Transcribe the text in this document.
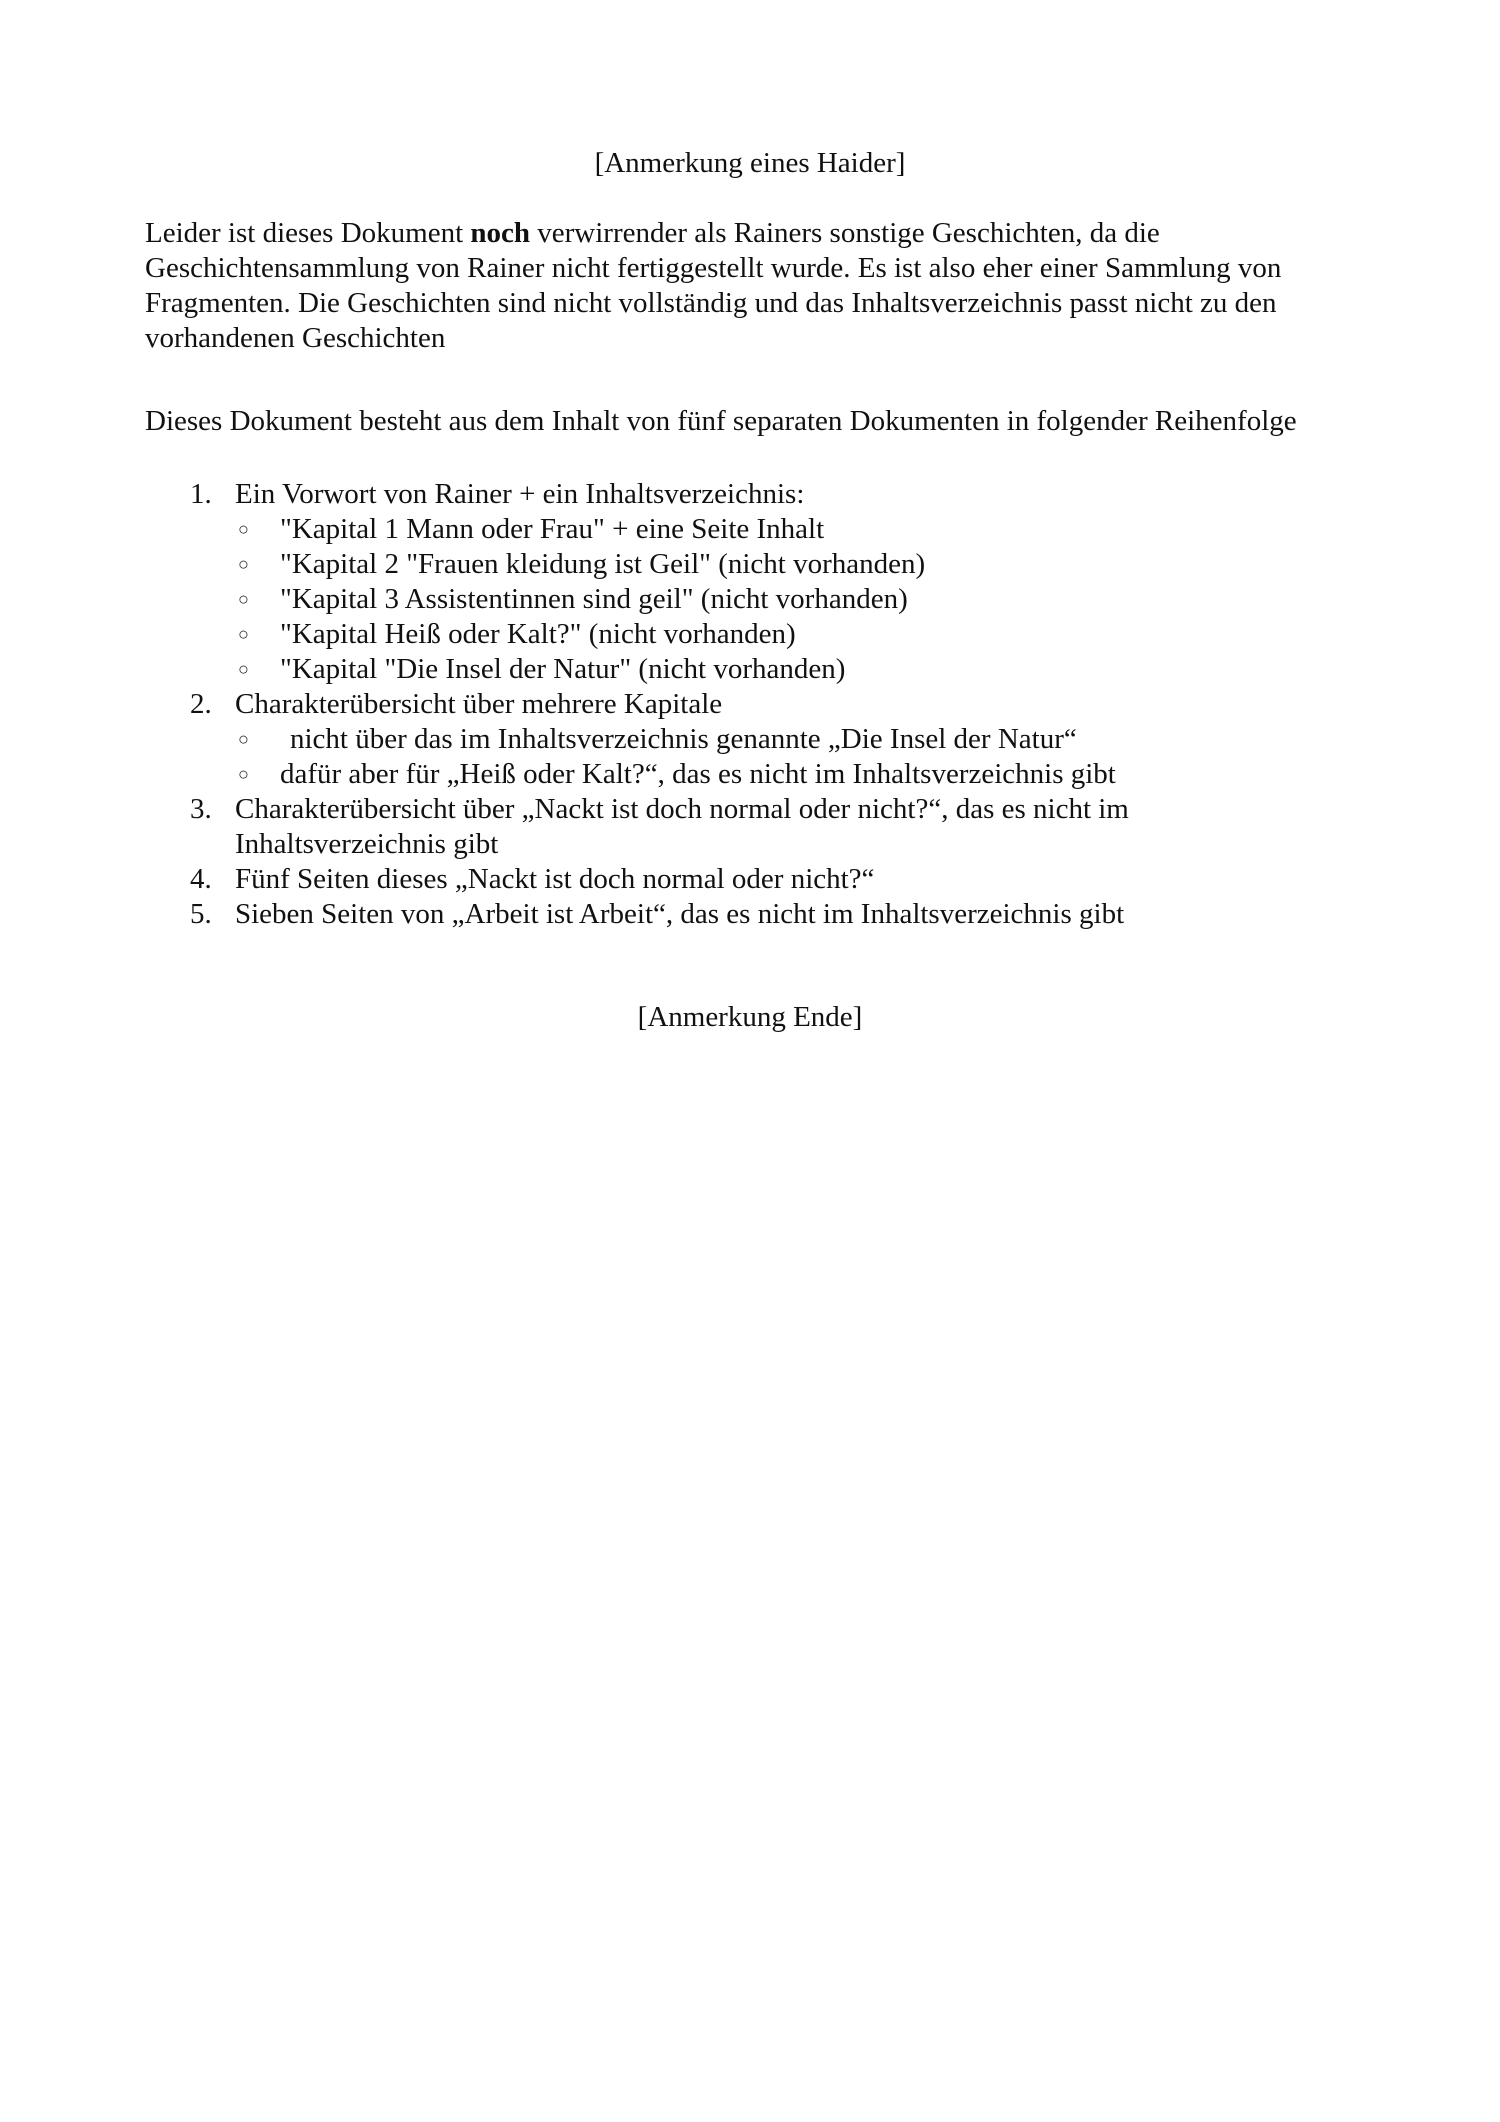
[Anmerkung eines Haider]
Leider ist dieses Dokument noch verwirrender als Rainers sonstige Geschichten, da die Geschichtensammlung von Rainer nicht fertiggestellt wurde. Es ist also eher einer Sammlung von Fragmenten. Die Geschichten sind nicht vollständig und das Inhaltsverzeichnis passt nicht zu den vorhandenen Geschichten
Dieses Dokument besteht aus dem Inhalt von fünf separaten Dokumenten in folgender Reihenfolge
1. Ein Vorwort von Rainer + ein Inhaltsverzeichnis:
○ "Kapital 1 Mann oder Frau" + eine Seite Inhalt
○ "Kapital 2 "Frauen kleidung ist Geil" (nicht vorhanden)
○ "Kapital 3 Assistentinnen sind geil" (nicht vorhanden)
○ "Kapital Heiß oder Kalt?" (nicht vorhanden)
○ "Kapital "Die Insel der Natur" (nicht vorhanden)
2. Charakterübersicht über mehrere Kapitale
○ nicht über das im Inhaltsverzeichnis genannte „Die Insel der Natur“
○ dafür aber für „Heiß oder Kalt?“, das es nicht im Inhaltsverzeichnis gibt
3. Charakterübersicht über „Nackt ist doch normal oder nicht?“, das es nicht im Inhaltsverzeichnis gibt
4. Fünf Seiten dieses „Nackt ist doch normal oder nicht?“
5. Sieben Seiten von „Arbeit ist Arbeit“, das es nicht im Inhaltsverzeichnis gibt
[Anmerkung Ende]
